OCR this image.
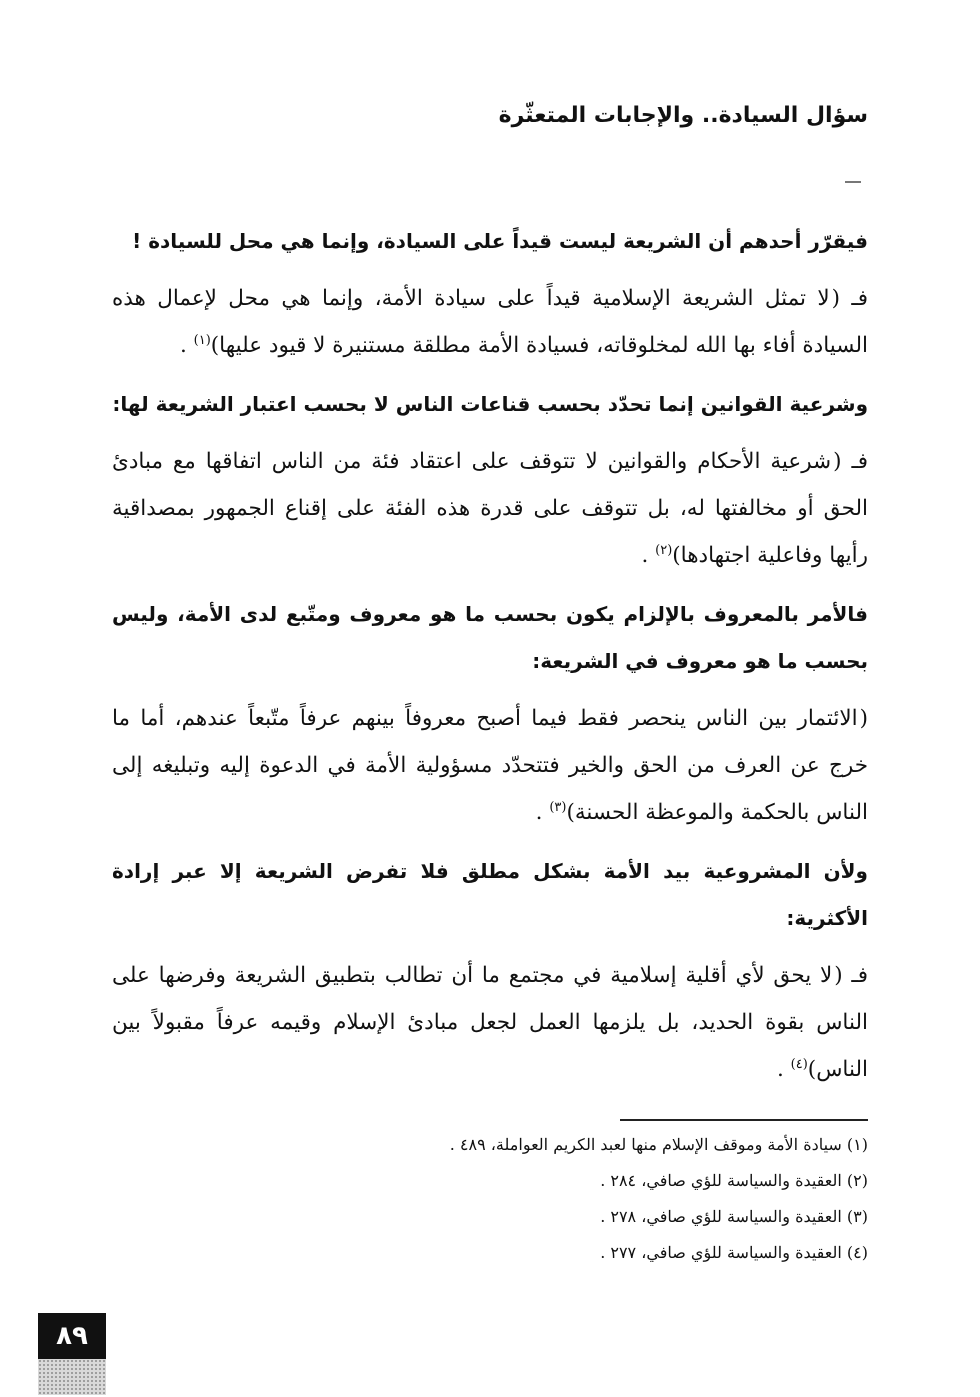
سؤال السيادة.. والإجابات المتعثّرة

فيقرّر أحدهم أن الشريعة ليست قيداً على السيادة، وإنما هي محل للسيادة !

فـ (لا تمثل الشريعة الإسلامية قيداً على سيادة الأمة، وإنما هي محل لإعمال هذه السيادة أفاء بها الله لمخلوقاته، فسيادة الأمة مطلقة مستنيرة لا قيود عليها)$^{(١)}$ .

وشرعية القوانين إنما تحدّد بحسب قناعات الناس لا بحسب اعتبار الشريعة لها:

فـ (شرعية الأحكام والقوانين لا تتوقف على اعتقاد فئة من الناس اتفاقها مع مبادئ الحق أو مخالفتها له، بل تتوقف على قدرة هذه الفئة على إقناع الجمهور بمصداقية رأيها وفاعلية اجتهادها)$^{(٢)}$ .

فالأمر بالمعروف بالإلزام يكون بحسب ما هو معروف ومتّبع لدى الأمة، وليس بحسب ما هو معروف في الشريعة:

(الائتمار بين الناس ينحصر فقط فيما أصبح معروفاً بينهم عرفاً متّبعاً عندهم، أما ما خرج عن العرف من الحق والخير فتتحدّد مسؤولية الأمة في الدعوة إليه وتبليغه إلى الناس بالحكمة والموعظة الحسنة)$^{(٣)}$ .

ولأن المشروعية بيد الأمة بشكل مطلق فلا تفرض الشريعة إلا عبر إرادة الأكثرية:

فـ (لا يحق لأي أقلية إسلامية في مجتمع ما أن تطالب بتطبيق الشريعة وفرضها على الناس بقوة الحديد، بل يلزمها العمل لجعل مبادئ الإسلام وقيمه عرفاً مقبولاً بين الناس)$^{(٤)}$ .

(١) سيادة الأمة وموقف الإسلام منها لعبد الكريم العواملة، ٤٨٩ .
(٢) العقيدة والسياسة للؤي صافي، ٢٨٤ .
(٣) العقيدة والسياسة للؤي صافي، ٢٧٨ .
(٤) العقيدة والسياسة للؤي صافي، ٢٧٧ .
٨٩
